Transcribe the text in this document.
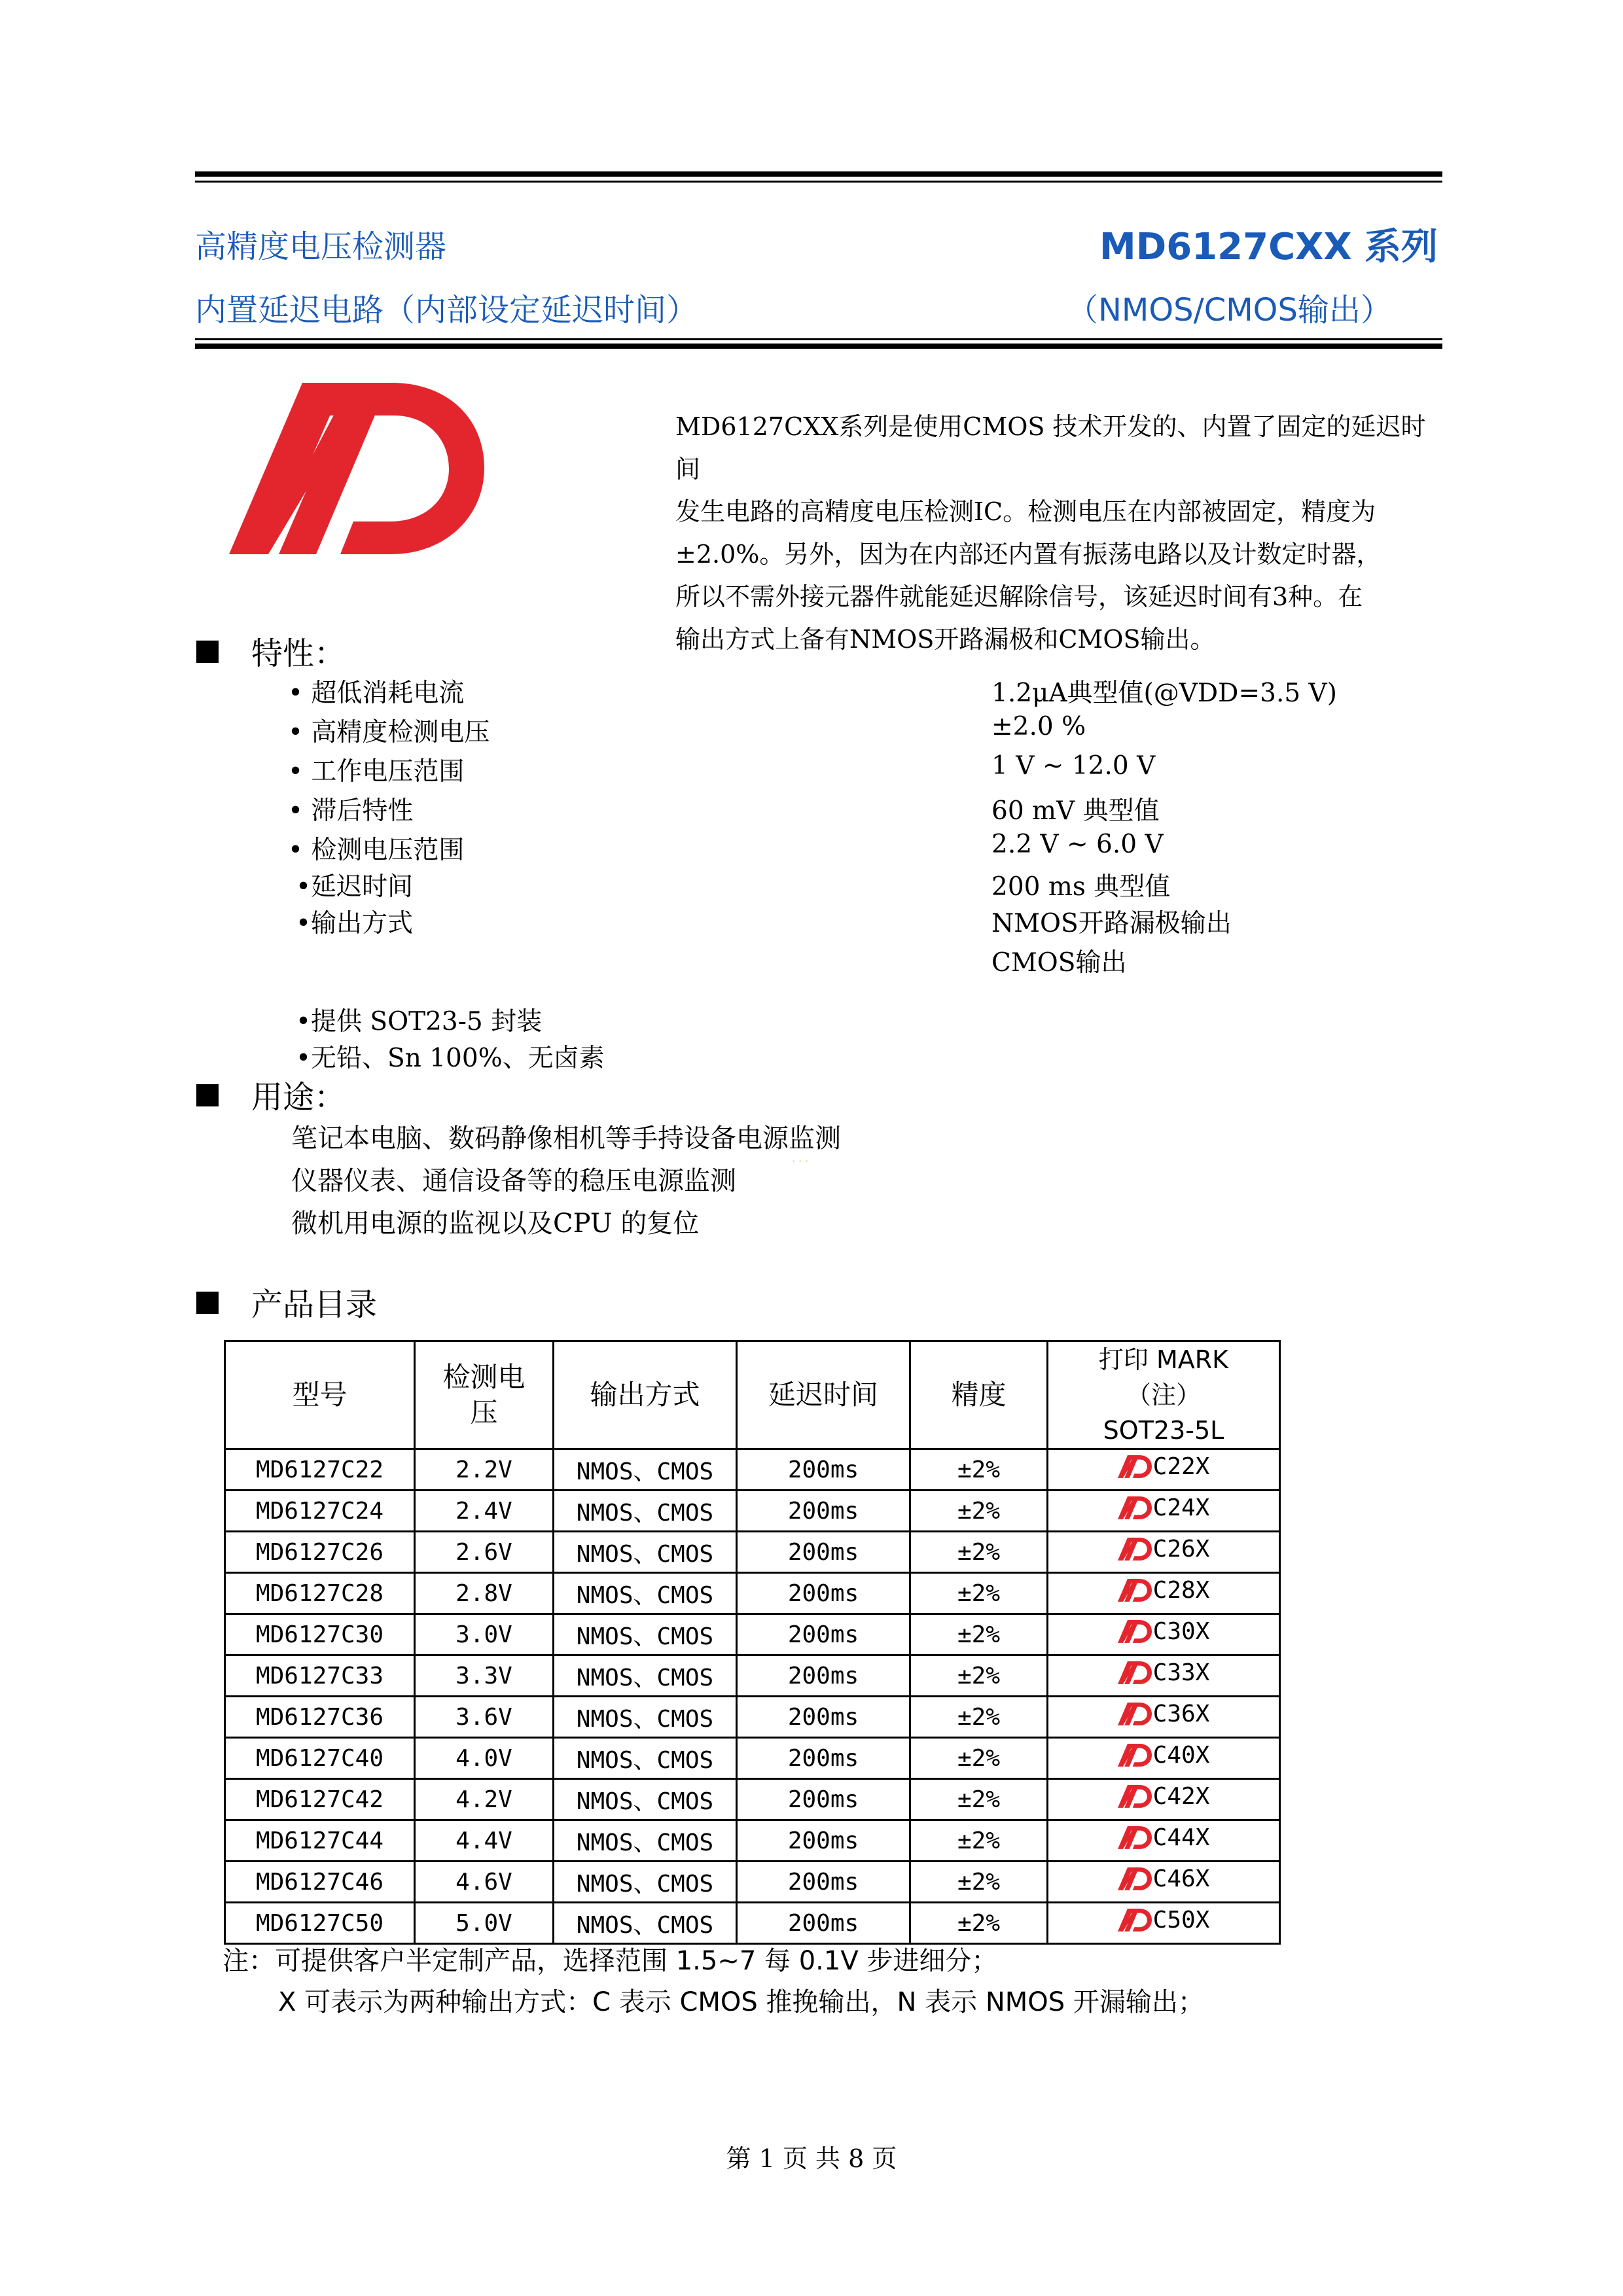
高精度电压检测器	MD6127CXX 系列
内置延迟电路（内部设定延迟时间）	（NMOS/CMOS输出）
MD6127CXX系列是使用CMOS 技术开发的、内置了固定的延迟时间
发生电路的高精度电压检测IC。检测电压在内部被固定，精度为
±2.0%。另外，因为在内部还内置有振荡电路以及计数定时器，
所以不需外接元器件就能延迟解除信号，该延迟时间有3种。在
输出方式上备有NMOS开路漏极和CMOS输出。
特性：
• 超低消耗电流	1.2μA典型值(@VDD=3.5 V)
• 高精度检测电压	±2.0 %
• 工作电压范围	1 V ~ 12.0 V
• 滞后特性	60 mV 典型值
• 检测电压范围	2.2 V ~ 6.0 V
•延迟时间	200 ms 典型值
•输出方式	NMOS开路漏极输出
CMOS输出
•提供 SOT23-5 封装
•无铅、Sn 100%、无卤素
用途：
笔记本电脑、数码静像相机等手持设备电源监测
仪器仪表、通信设备等的稳压电源监测
微机用电源的监视以及CPU 的复位
· · ·
产品目录
型号	检测电压	输出方式	延迟时间	精度	打印 MARK（注）SOT23-5L
MD6127C22	2.2V	NMOS、CMOS	200ms	±2%	C22X

MD6127C24	2.4V	NMOS、CMOS	200ms	±2%	C24X

MD6127C26	2.6V	NMOS、CMOS	200ms	±2%	C26X

MD6127C28	2.8V	NMOS、CMOS	200ms	±2%	C28X

MD6127C30	3.0V	NMOS、CMOS	200ms	±2%	C30X

MD6127C33	3.3V	NMOS、CMOS	200ms	±2%	C33X

MD6127C36	3.6V	NMOS、CMOS	200ms	±2%	C36X

MD6127C40	4.0V	NMOS、CMOS	200ms	±2%	C40X

MD6127C42	4.2V	NMOS、CMOS	200ms	±2%	C42X

MD6127C44	4.4V	NMOS、CMOS	200ms	±2%	C44X

MD6127C46	4.6V	NMOS、CMOS	200ms	±2%	C46X

MD6127C50	5.0V	NMOS、CMOS	200ms	±2%	C50X

注：可提供客户半定制产品，选择范围 1.5~7 每 0.1V 步进细分；

X 可表示为两种输出方式：C 表示 CMOS 推挽输出，N 表示 NMOS 开漏输出；

第 1 页 共 8 页
